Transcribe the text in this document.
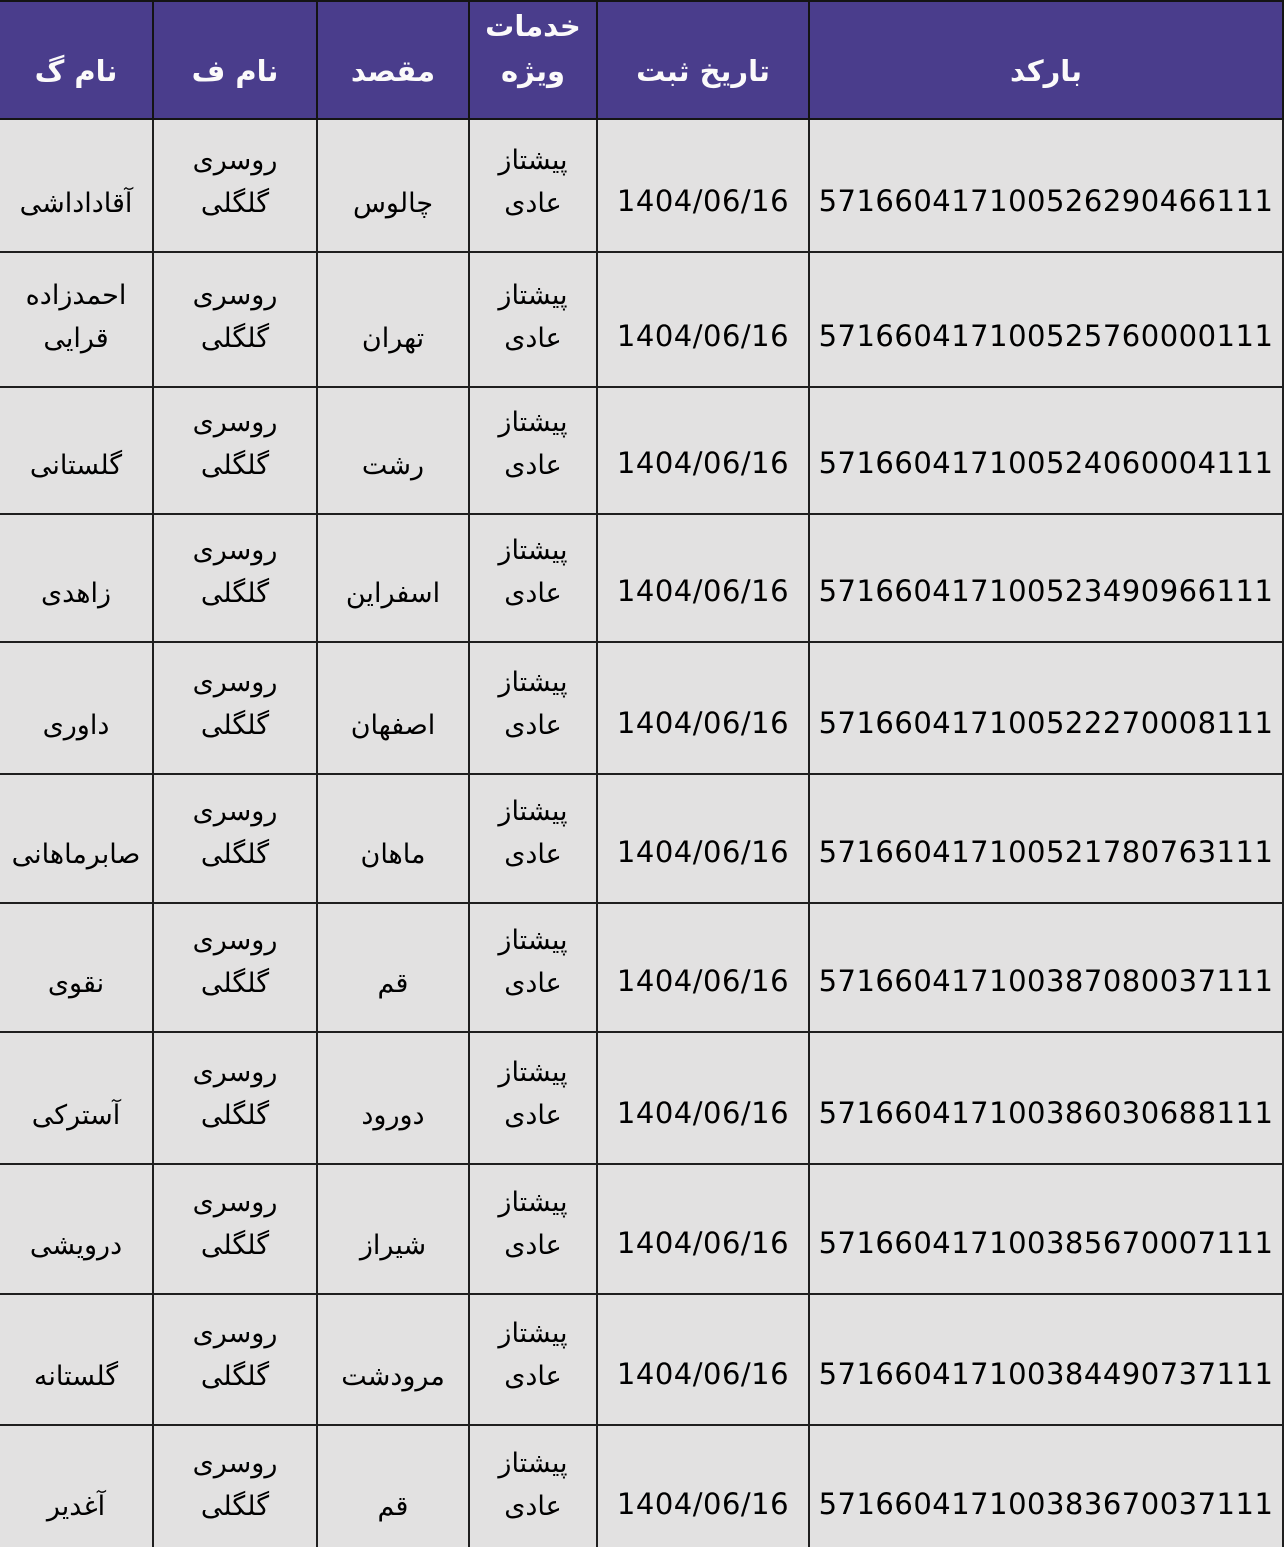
بارکد	تاریخ ثبت	خدمات ویژه	مقصد	نام ف	نام گ
571660417100526290466111	1404/06/16	پیشتاز عادی	چالوس	روسری گلگلی	آقاداداشی
571660417100525760000111	1404/06/16	پیشتاز عادی	تهران	روسری گلگلی	احمدزاده قرایی
571660417100524060004111	1404/06/16	پیشتاز عادی	رشت	روسری گلگلی	گلستانی
571660417100523490966111	1404/06/16	پیشتاز عادی	اسفراین	روسری گلگلی	زاهدی
571660417100522270008111	1404/06/16	پیشتاز عادی	اصفهان	روسری گلگلی	داوری
571660417100521780763111	1404/06/16	پیشتاز عادی	ماهان	روسری گلگلی	صابرماهانی
571660417100387080037111	1404/06/16	پیشتاز عادی	قم	روسری گلگلی	نقوی
571660417100386030688111	1404/06/16	پیشتاز عادی	دورود	روسری گلگلی	آسترکی
571660417100385670007111	1404/06/16	پیشتاز عادی	شیراز	روسری گلگلی	درویشی
571660417100384490737111	1404/06/16	پیشتاز عادی	مرودشت	روسری گلگلی	گلستانه
571660417100383670037111	1404/06/16	پیشتاز عادی	قم	روسری گلگلی	آغدیر
